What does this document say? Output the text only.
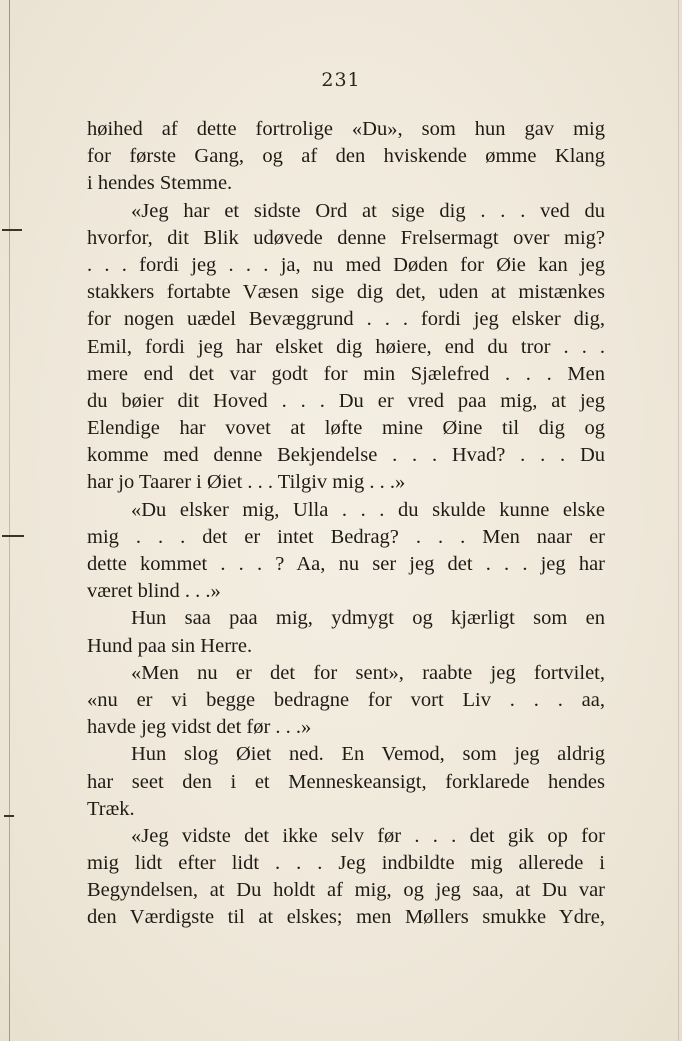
231
høihed af dette fortrolige «Du», som hun gav mig
for første Gang, og af den hviskende ømme Klang
i hendes Stemme.
«Jeg har et sidste Ord at sige dig . . . ved du
hvorfor, dit Blik udøvede denne Frelsermagt over mig?
. . . fordi jeg . . . ja, nu med Døden for Øie kan jeg
stakkers fortabte Væsen sige dig det, uden at mistænkes
for nogen uædel Bevæggrund . . . fordi jeg elsker dig,
Emil, fordi jeg har elsket dig høiere, end du tror . . .
mere end det var godt for min Sjælefred . . . Men
du bøier dit Hoved . . . Du er vred paa mig, at jeg
Elendige har vovet at løfte mine Øine til dig og
komme med denne Bekjendelse . . . Hvad? . . . Du
har jo Taarer i Øiet . . . Tilgiv mig . . .»
«Du elsker mig, Ulla . . . du skulde kunne elske
mig . . . det er intet Bedrag? . . . Men naar er
dette kommet . . . ? Aa, nu ser jeg det . . . jeg har
været blind . . .»
Hun saa paa mig, ydmygt og kjærligt som en
Hund paa sin Herre.
«Men nu er det for sent», raabte jeg fortvilet,
«nu er vi begge bedragne for vort Liv . . . aa,
havde jeg vidst det før . . .»
Hun slog Øiet ned. En Vemod, som jeg aldrig
har seet den i et Menneskeansigt, forklarede hendes
Træk.
«Jeg vidste det ikke selv før . . . det gik op for
mig lidt efter lidt . . . Jeg indbildte mig allerede i
Begyndelsen, at Du holdt af mig, og jeg saa, at Du var
den Værdigste til at elskes; men Møllers smukke Ydre,
